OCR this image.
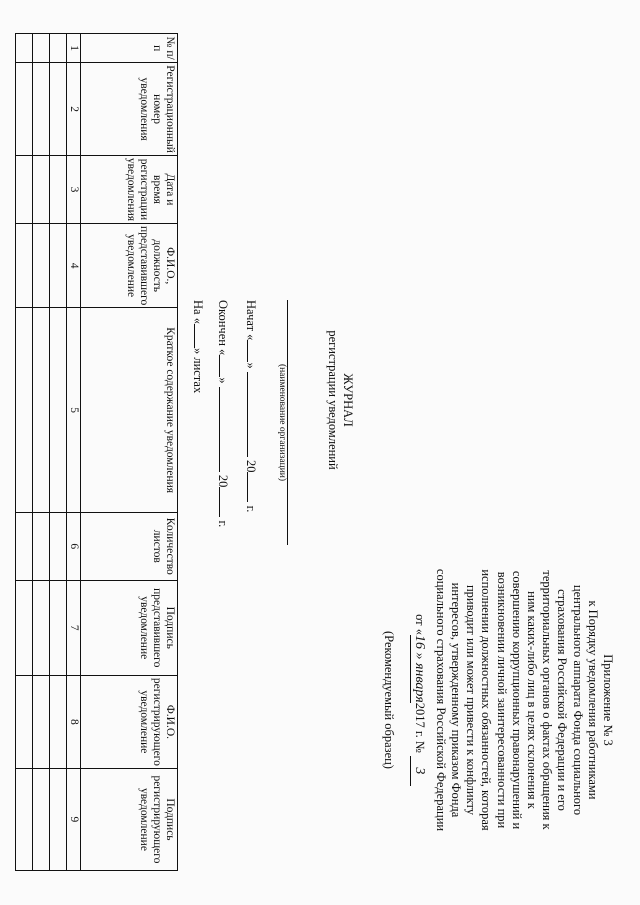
Приложение № 3
к Порядку уведомления работниками
центрального аппарата Фонда социального
страхования Российской Федерации и его
территориальных органов о фактах обращения к
ним каких-либо лиц в целях склонения к
совершению коррупционных правонарушений и
возникновении личной заинтересованности при
исполнении должностных обязанностей, которая
приводит или может привести к конфликту
интересов, утвержденному приказом Фонда
социального страхования Российской Федерации
от «16 » января2017 г. № 3
(Рекомендуемый образец)
ЖУРНАЛ
регистрации уведомлений
(наименование организации)
Начат «»  20 г.
Окончен «»  20 г.
На «» листах
№ п/п	Регистрационный номер уведомления	Дата и время регистрации уведомления	Ф.И.О., должность представившего уведомление	Краткое содержание уведомления	Количество листов	Подпись представившего уведомление	Ф.И.О. регистрирующего уведомление	Подпись регистрирующего уведомление
1	2	3	4	5	6	7	8	9
